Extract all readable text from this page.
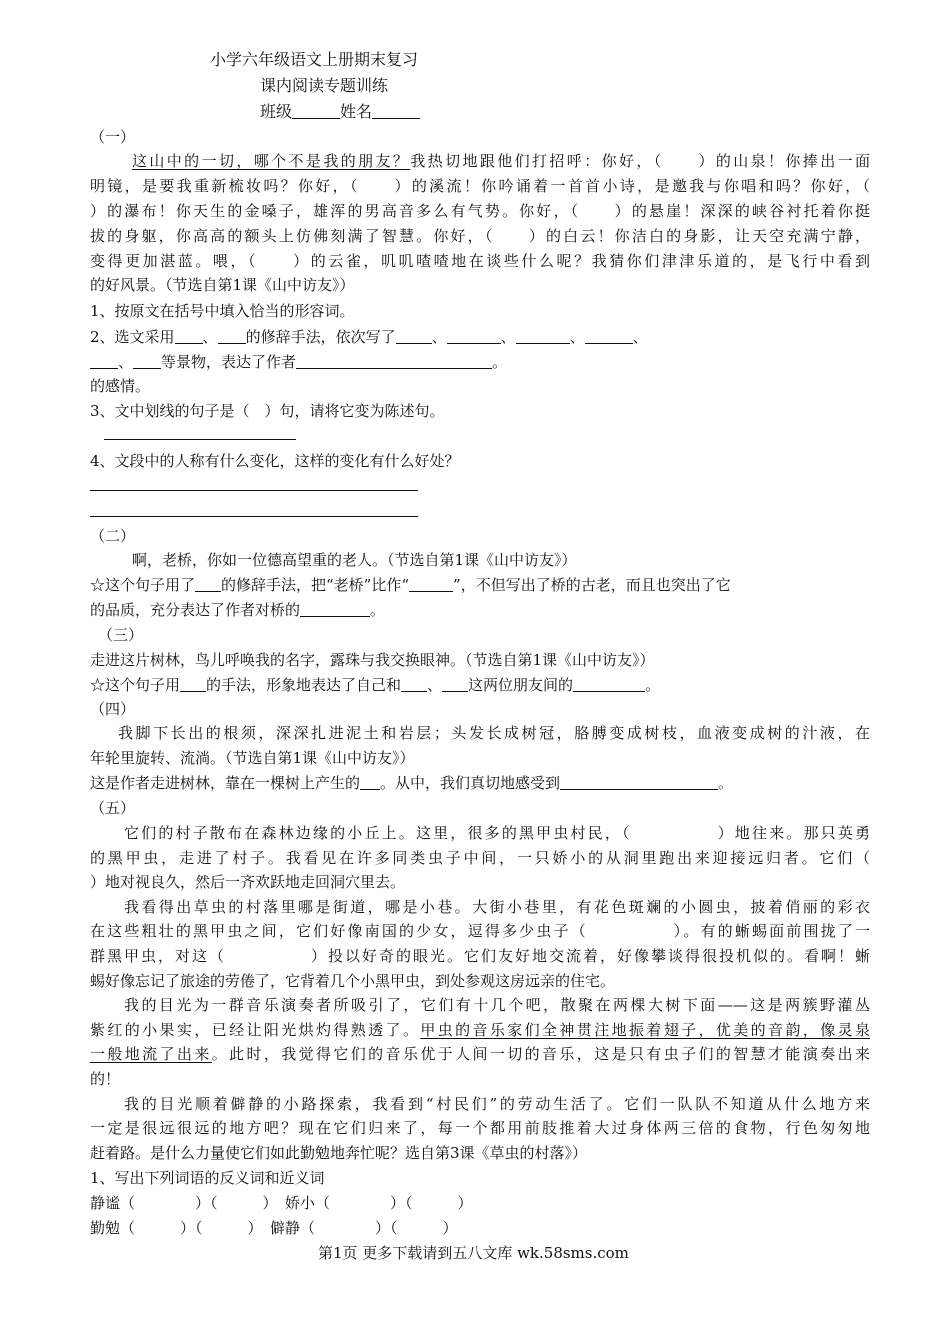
小学六年级语文上册期末复习
课内阅读专题训练
班级	姓名
（一）
这山中的一切，哪个不是我的朋友？我热切地跟他们打招呼：你好，（　　）的山泉！你捧出一面
明镜，是要我重新梳妆吗？你好，（　　）的溪流！你吟诵着一首首小诗，是邀我与你唱和吗？你好，（
）的瀑布！你天生的金嗓子，雄浑的男高音多么有气势。你好，（　　）的悬崖！深深的峡谷衬托着你挺
拔的身躯，你高高的额头上仿佛刻满了智慧。你好，（　　）的白云！你洁白的身影，让天空充满宁静，
变得更加湛蓝。喂，（　　）的云雀，叽叽喳喳地在谈些什么呢？我猜你们津津乐道的，是飞行中看到
的好风景。（节选自第1课《山中访友》）
1、按原文在括号中填入恰当的形容词。
2、选文采用 、 的修辞手法，依次写了 、	、	、	、
、 等景物，表达了作者	。
的感情。
3、文中划线的句子是（　）句，请将它变为陈述句。
4、文段中的人称有什么变化，这样的变化有什么好处？
（二）
啊，老桥，你如一位德高望重的老人。（节选自第1课《山中访友》）
☆这个句子用了 的修辞手法，把“老桥”比作“	”，不但写出了桥的古老，而且也突出了它
的品质，充分表达了作者对桥的	。
（三）
走进这片树林，鸟儿呼唤我的名字，露珠与我交换眼神。（节选自第1课《山中访友》）
☆这个句子用 的手法，形象地表达了自己和 、 这两位朋友间的	。
（四）
我脚下长出的根须，深深扎进泥土和岩层；头发长成树冠，胳膊变成树枝，血液变成树的汁液，在
年轮里旋转、流淌。（节选自第1课《山中访友》）
这是作者走进树林，靠在一棵树上产生的 。从中，我们真切地感受到	。
（五）
它们的村子散布在森林边缘的小丘上。这里，很多的黑甲虫村民，（　　　　　）地往来。那只英勇
的黑甲虫，走进了村子。我看见在许多同类虫子中间，一只娇小的从洞里跑出来迎接远归者。它们（
）地对视良久，然后一齐欢跃地走回洞穴里去。
我看得出草虫的村落里哪是街道，哪是小巷。大街小巷里，有花色斑斓的小圆虫，披着俏丽的彩衣
在这些粗壮的黑甲虫之间，它们好像南国的少女，逗得多少虫子（　　　　　）。有的蜥蜴面前围拢了一
群黑甲虫，对这（　　　　　）投以好奇的眼光。它们友好地交流着，好像攀谈得很投机似的。看啊！蜥
蜴好像忘记了旅途的劳倦了，它背着几个小黑甲虫，到处参观这房远亲的住宅。
我的目光为一群音乐演奏者所吸引了，它们有十几个吧，散聚在两棵大树下面——这是两簇野灌丛
紫红的小果实，已经让阳光烘灼得熟透了。甲虫的音乐家们全神贯注地振着翅子，优美的音韵，像灵泉
一般地流了出来。此时，我觉得它们的音乐优于人间一切的音乐，这是只有虫子们的智慧才能演奏出来
的！
我的目光顺着僻静的小路探索，我看到“村民们”的劳动生活了。它们一队队不知道从什么地方来
一定是很远很远的地方吧？现在它们归来了，每一个都用前肢推着大过身体两三倍的食物，行色匆匆地
赶着路。是什么力量使它们如此勤勉地奔忙呢？选自第3课《草虫的村落》）
1、写出下列词语的反义词和近义词
静谧（　　　　）（　　　）　娇小（　　　　）（　　　）
勤勉（　　　）（　　　）　僻静（　　　　）（　　　）
第1页 更多下载请到五八文库 wk.58sms.com
